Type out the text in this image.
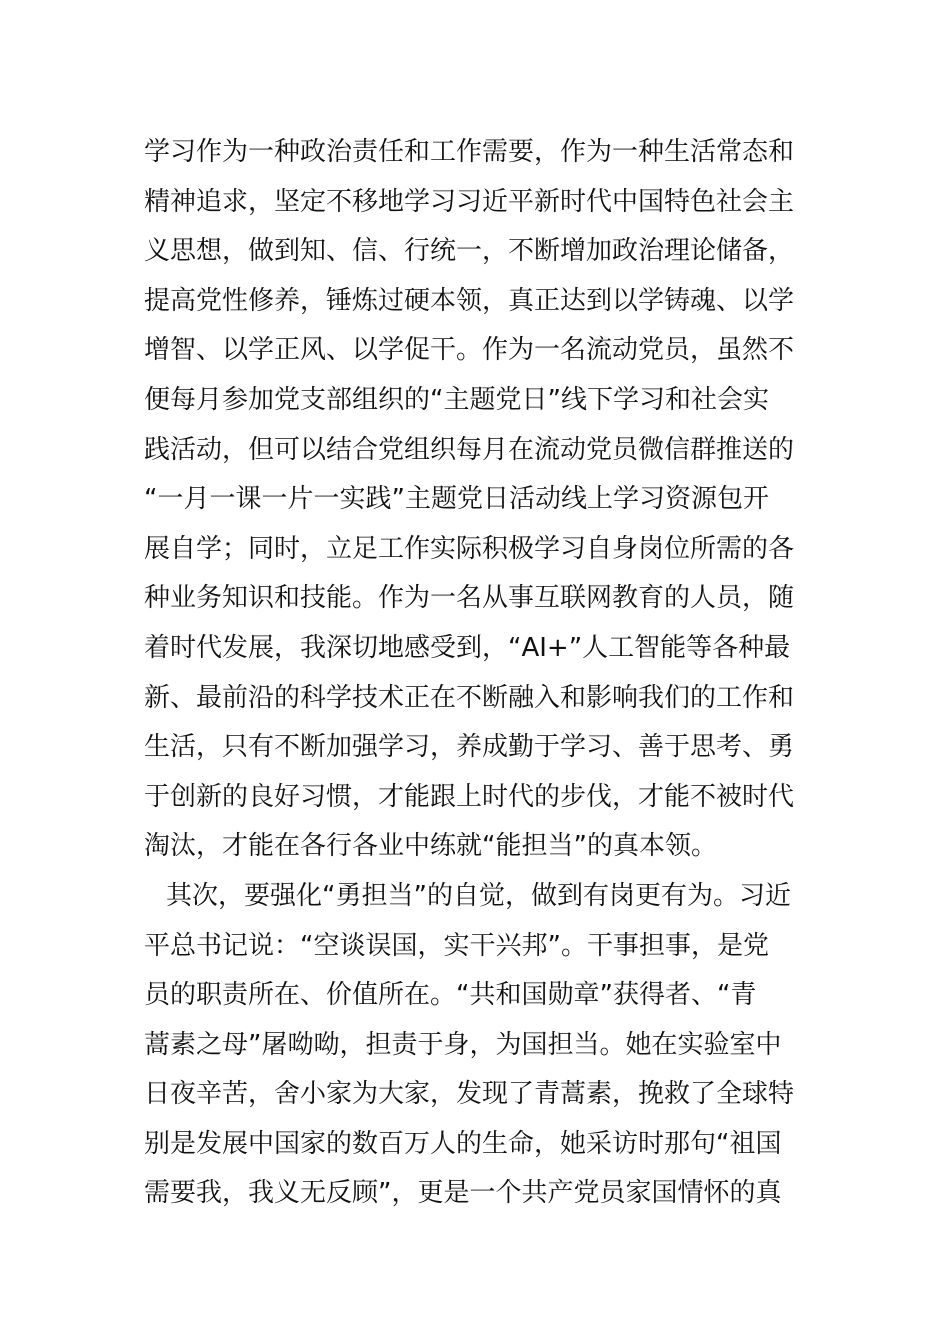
学习作为一种政治责任和工作需要，作为一种生活常态和
精神追求，坚定不移地学习习近平新时代中国特色社会主
义思想，做到知、信、行统一，不断增加政治理论储备，
提高党性修养，锤炼过硬本领，真正达到以学铸魂、以学
增智、以学正风、以学促干。作为一名流动党员，虽然不
便每月参加党支部组织的“主题党日”线下学习和社会实
践活动，但可以结合党组织每月在流动党员微信群推送的
“一月一课一片一实践”主题党日活动线上学习资源包开
展自学；同时，立足工作实际积极学习自身岗位所需的各
种业务知识和技能。作为一名从事互联网教育的人员，随
着时代发展，我深切地感受到，“AI+”人工智能等各种最
新、最前沿的科学技术正在不断融入和影响我们的工作和
生活，只有不断加强学习，养成勤于学习、善于思考、勇
于创新的良好习惯，才能跟上时代的步伐，才能不被时代
淘汰，才能在各行各业中练就“能担当”的真本领。
其次，要强化“勇担当”的自觉，做到有岗更有为。习近
平总书记说：“空谈误国，实干兴邦”。干事担事，是党
员的职责所在、价值所在。“共和国勋章”获得者、“青
蒿素之母”屠呦呦，担责于身，为国担当。她在实验室中
日夜辛苦，舍小家为大家，发现了青蒿素，挽救了全球特
别是发展中国家的数百万人的生命，她采访时那句“祖国
需要我，我义无反顾”，更是一个共产党员家国情怀的真
